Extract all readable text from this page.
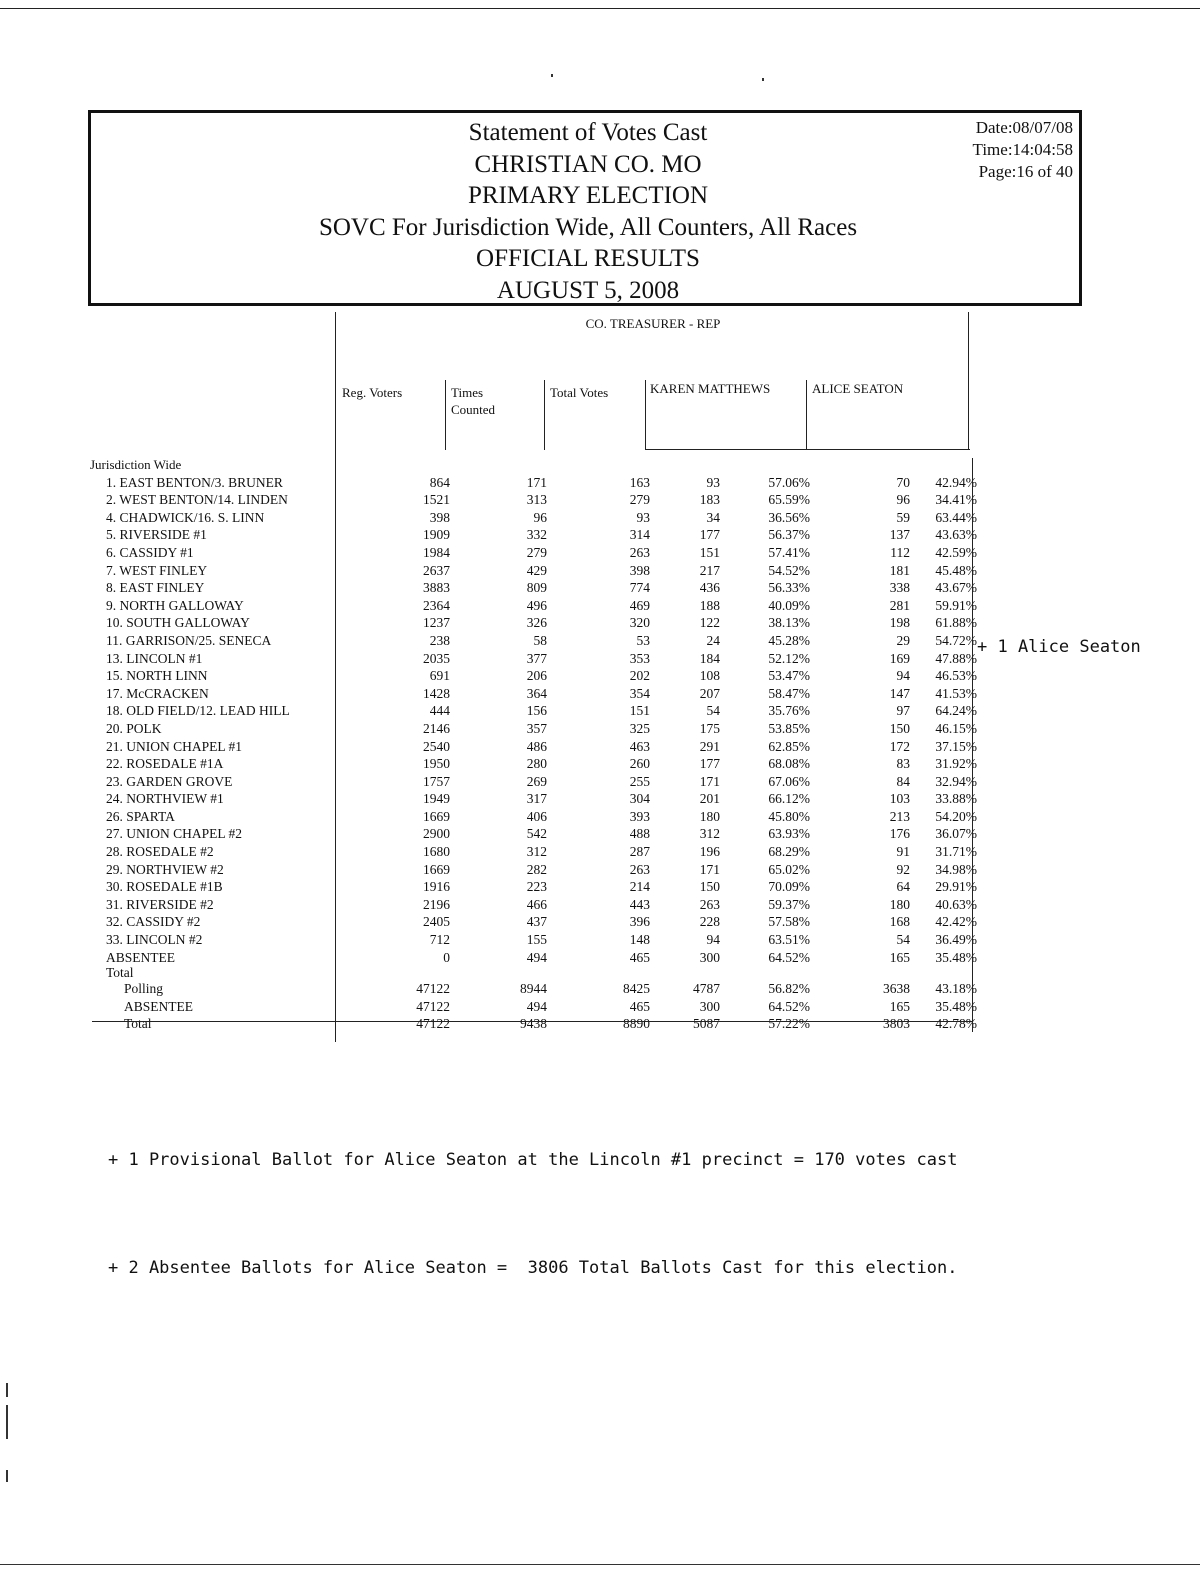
Statement of Votes Cast
CHRISTIAN CO. MO
PRIMARY ELECTION
SOVC For Jurisdiction Wide, All Counters, All Races
OFFICIAL RESULTS
AUGUST 5, 2008
Date:08/07/08
Time:14:04:58
Page:16 of 40
CO. TREASURER - REP
Reg. Voters	Times
Counted
Total Votes	KAREN MATTHEWS	ALICE SEATON
Jurisdiction Wide
1. EAST BENTON/3. BRUNER	864	171	163	93	57.06%	70	42.94%
2. WEST BENTON/14. LINDEN	1521	313	279	183	65.59%	96	34.41%
4. CHADWICK/16. S. LINN	398	96	93	34	36.56%	59	63.44%
5. RIVERSIDE #1	1909	332	314	177	56.37%	137	43.63%
6. CASSIDY #1	1984	279	263	151	57.41%	112	42.59%
7. WEST FINLEY	2637	429	398	217	54.52%	181	45.48%
8. EAST FINLEY	3883	809	774	436	56.33%	338	43.67%
9. NORTH GALLOWAY	2364	496	469	188	40.09%	281	59.91%
10. SOUTH GALLOWAY	1237	326	320	122	38.13%	198	61.88%
11. GARRISON/25. SENECA	238	58	53	24	45.28%	29	54.72%
13. LINCOLN #1	2035	377	353	184	52.12%	169	47.88%
15. NORTH LINN	691	206	202	108	53.47%	94	46.53%
17. McCRACKEN	1428	364	354	207	58.47%	147	41.53%
18. OLD FIELD/12. LEAD HILL	444	156	151	54	35.76%	97	64.24%
20. POLK	2146	357	325	175	53.85%	150	46.15%
21. UNION CHAPEL #1	2540	486	463	291	62.85%	172	37.15%
22. ROSEDALE #1A	1950	280	260	177	68.08%	83	31.92%
23. GARDEN GROVE	1757	269	255	171	67.06%	84	32.94%
24. NORTHVIEW #1	1949	317	304	201	66.12%	103	33.88%
26. SPARTA	1669	406	393	180	45.80%	213	54.20%
27. UNION CHAPEL #2	2900	542	488	312	63.93%	176	36.07%
28. ROSEDALE #2	1680	312	287	196	68.29%	91	31.71%
29. NORTHVIEW #2	1669	282	263	171	65.02%	92	34.98%
30. ROSEDALE #1B	1916	223	214	150	70.09%	64	29.91%
31. RIVERSIDE #2	2196	466	443	263	59.37%	180	40.63%
32. CASSIDY #2	2405	437	396	228	57.58%	168	42.42%
33. LINCOLN #2	712	155	148	94	63.51%	54	36.49%
ABSENTEE	0	494	465	300	64.52%	165	35.48%
Total
Polling	47122	8944	8425	4787	56.82%	3638	43.18%
ABSENTEE	47122	494	465	300	64.52%	165	35.48%
Total	47122	9438	8890	5087	57.22%	3803	42.78%
+ 1 Alice Seaton

+ 1 Provisional Ballot for Alice Seaton at the Lincoln #1 precinct = 170 votes cast

+ 2 Absentee Ballots for Alice Seaton =  3806 Total Ballots Cast for this election.
